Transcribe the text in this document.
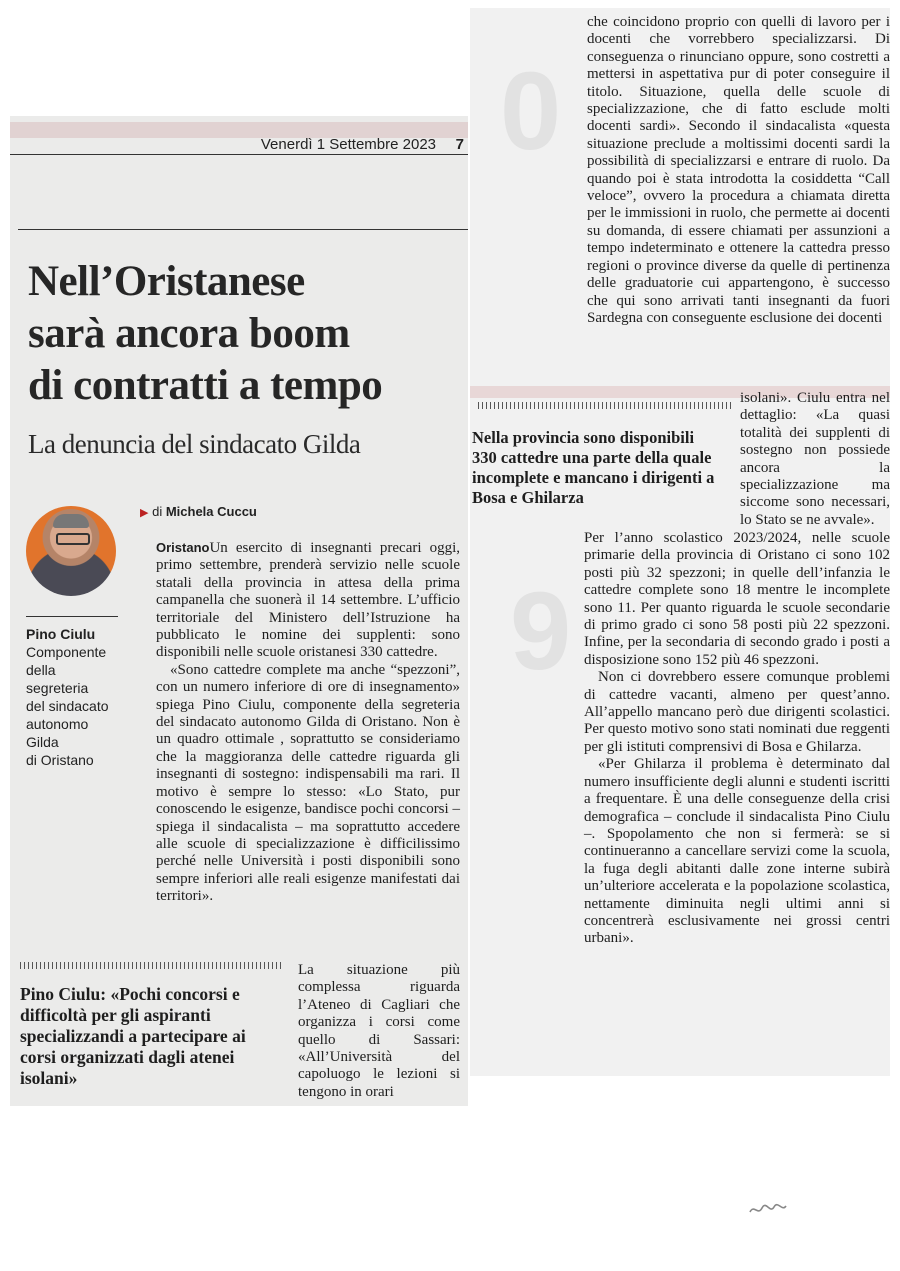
Venerdì 1 Settembre 2023 7
Nell’Oristanese
sarà ancora boom
di contratti a tempo
La denuncia del sindacato Gilda
Pino Ciulu
Componente
della
segreteria
del sindacato
autonomo
Gilda
di Oristano
▶ di Michela Cuccu

OristanoUn esercito di insegnanti precari oggi, primo settembre, prenderà servizio nelle scuole statali della provincia in attesa della prima campanella che suonerà il 14 settembre. L’ufficio territoriale del Ministero dell’Istruzione ha pubblicato le nomine dei supplenti: sono disponibili nelle scuole oristanesi 330 cattedre.

«Sono cattedre complete ma anche “spezzoni”, con un numero inferiore di ore di insegnamento» spiega Pino Ciulu, componente della segreteria del sindacato autonomo Gilda di Oristano. Non è un quadro ottimale , soprattutto se consideriamo che la maggioranza delle cattedre riguarda gli insegnanti di sostegno: indispensabili ma rari. Il motivo è sempre lo stesso: «Lo Stato, pur conoscendo le esigenze, bandisce pochi concorsi – spiega il sindacalista – ma soprattutto accedere alle scuole di specializzazione è difficilissimo perché nelle Università i posti disponibili sono sempre inferiori alle reali esigenze manifestati dai territori».

Pino Ciulu: «Pochi concorsi e difficoltà per gli aspiranti specializzandi a partecipare ai corsi organizzati dagli atenei isolani»

La situazione più complessa riguarda l’Ateneo di Cagliari che organizza i corsi come quello di Sassari: «All’Università del capoluogo le lezioni si tengono in orari

0
9

che coincidono proprio con quelli di lavoro per i docenti che vorrebbero specializzarsi. Di conseguenza o rinunciano oppure, sono costretti a mettersi in aspettativa pur di poter conseguire il titolo. Situazione, quella delle scuole di specializzazione, che di fatto esclude molti docenti sardi». Secondo il sindacalista «questa situazione preclude a moltissimi docenti sardi la possibilità di specializzarsi e entrare di ruolo. Da quando poi è stata introdotta la cosiddetta “Call veloce”, ovvero la procedura a chiamata diretta per le immissioni in ruolo, che permette ai docenti su domanda, di essere chiamati per assunzioni a tempo indeterminato e ottenere la cattedra presso regioni o province diverse da quelle di pertinenza delle graduatorie cui appartengono, è successo che qui sono arrivati tanti insegnanti da fuori Sardegna con conseguente esclusione dei docenti

Nella provincia sono disponibili 330 cattedre una parte della quale incomplete e mancano i dirigenti a Bosa e Ghilarza

isolani». Ciulu entra nel dettaglio: «La quasi totalità dei supplenti di sostegno non possiede ancora la specializzazione ma siccome sono necessari, lo Stato se ne avvale».

Per l’anno scolastico 2023/2024, nelle scuole primarie della provincia di Oristano ci sono 102 posti più 32 spezzoni; in quelle dell’infanzia le cattedre complete sono 18 mentre le incomplete sono 11. Per quanto riguarda le scuole secondarie di primo grado ci sono 58 posti più 22 spezzoni. Infine, per la secondaria di secondo grado i posti a disposizione sono 152 più 46 spezzoni.

Non ci dovrebbero essere comunque problemi di cattedre vacanti, almeno per quest’anno. All’appello mancano però due dirigenti scolastici. Per questo motivo sono stati nominati due reggenti per gli istituti comprensivi di Bosa e Ghilarza.

«Per Ghilarza il problema è determinato dal numero insufficiente degli alunni e studenti iscritti a frequentare. È una delle conseguenze della crisi demografica – conclude il sindacalista Pino Ciulu –. Spopolamento che non si fermerà: se si continueranno a cancellare servizi come la scuola, la fuga degli abitanti dalle zone interne subirà un’ulteriore accelerata e la popolazione scolastica, nettamente diminuita negli ultimi anni si concentrerà esclusivamente nei grossi centri urbani».
